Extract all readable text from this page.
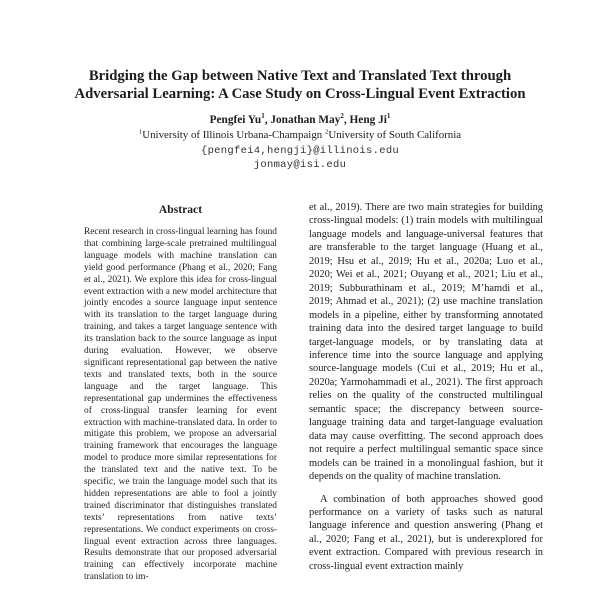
Bridging the Gap between Native Text and Translated Text through
Adversarial Learning: A Case Study on Cross-Lingual Event Extraction
Pengfei Yu$^1$, Jonathan May$^2$, Heng Ji$^1$
$^1$University of Illinois Urbana-Champaign $^2$University of South California
{pengfei4,hengji}@illinois.edu
jonmay@isi.edu
Abstract
Recent research in cross-lingual learning has found that combining large-scale pretrained multilingual language models with machine translation can yield good performance (Phang et al., 2020; Fang et al., 2021). We explore this idea for cross-lingual event extraction with a new model architecture that jointly encodes a source language input sentence with its translation to the target language during training, and takes a target language sentence with its translation back to the source language as input during evaluation. However, we observe significant representational gap between the native texts and translated texts, both in the source language and the target language. This representational gap undermines the effectiveness of cross-lingual transfer learning for event extraction with machine-translated data. In order to mitigate this problem, we propose an adversarial training framework that encourages the language model to produce more similar representations for the translated text and the native text. To be specific, we train the language model such that its hidden representations are able to fool a jointly trained discriminator that distinguishes translated texts’ representations from native texts’ representations. We conduct experiments on cross-lingual event extraction across three languages. Results demonstrate that our proposed adversarial training can effectively incorporate machine translation to im-

et al., 2019). There are two main strategies for building cross-lingual models: (1) train models with multilingual language models and language-universal features that are transferable to the target language (Huang et al., 2019; Hsu et al., 2019; Hu et al., 2020a; Luo et al., 2020; Wei et al., 2021; Ouyang et al., 2021; Liu et al., 2019; Subburathinam et al., 2019; M’hamdi et al., 2019; Ahmad et al., 2021); (2) use machine translation models in a pipeline, either by transforming annotated training data into the desired target language to build target-language models, or by translating data at inference time into the source language and applying source-language models (Cui et al., 2019; Hu et al., 2020a; Yarmohammadi et al., 2021). The first approach relies on the quality of the constructed multilingual semantic space; the discrepancy between source-language training data and target-language evaluation data may cause overfitting. The second approach does not require a perfect multilingual semantic space since models can be trained in a monolingual fashion, but it depends on the quality of machine translation.

A combination of both approaches showed good performance on a variety of tasks such as natural language inference and question answering (Phang et al., 2020; Fang et al., 2021), but is underexplored for event extraction. Compared with previous research in cross-lingual event extraction mainly
